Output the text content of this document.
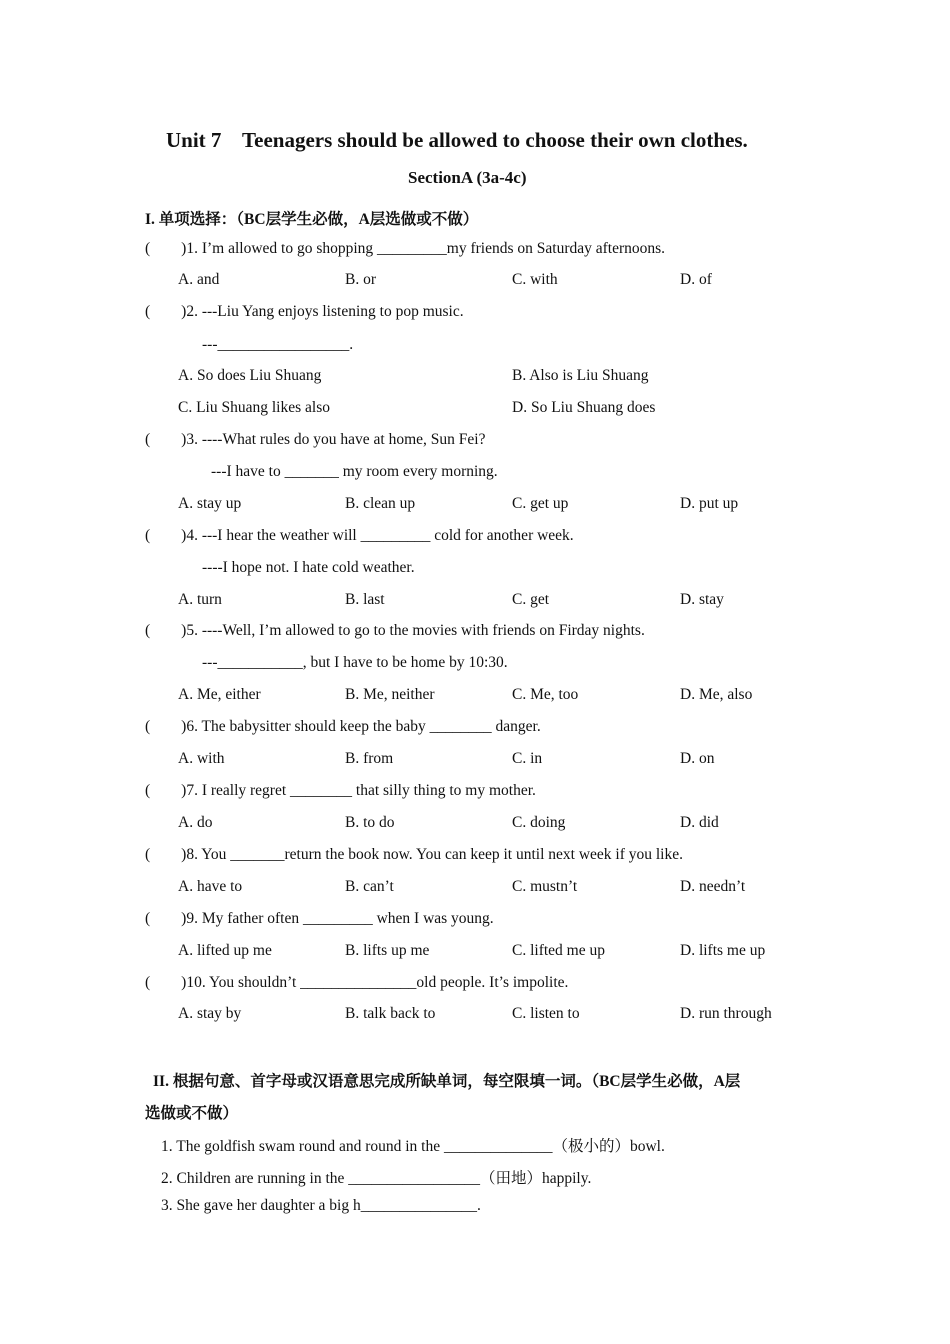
Unit 7    Teenagers should be allowed to choose their own clothes.
SectionA (3a-4c)
I. 单项选择：（BC层学生必做，A层选做或不做）
(        )1. I’m allowed to go shopping _________my friends on Saturday afternoons.
A. and	B. or	C. with	D. of
(        )2. ---Liu Yang enjoys listening to pop music.
---_________________.
A. So does Liu Shuang	B. Also is Liu Shuang
C. Liu Shuang likes also	D. So Liu Shuang does
(        )3. ----What rules do you have at home, Sun Fei?
---I have to _______ my room every morning.
A. stay up	B. clean up	C. get up	D. put up
(        )4. ---I hear the weather will _________ cold for another week.
----I hope not. I hate cold weather.
A. turn	B. last	C. get	D. stay
(        )5. ----Well, I’m allowed to go to the movies with friends on Firday nights.
---___________, but I have to be home by 10:30.
A. Me, either	B. Me, neither	C. Me, too	D. Me, also
(        )6. The babysitter should keep the baby ________ danger.
A. with	B. from	C. in	D. on
(        )7. I really regret ________ that silly thing to my mother.
A. do	B. to do	C. doing	D. did
(        )8. You _______return the book now. You can keep it until next week if you like.
A. have to	B. can’t	C. mustn’t	D. needn’t
(        )9. My father often _________ when I was young.
A. lifted up me	B. lifts up me	C. lifted me up	D. lifts me up
(        )10. You shouldn’t _______________old people. It’s impolite.
A. stay by	B. talk back to	C. listen to	D. run through
II. 根据句意、首字母或汉语意思完成所缺单词，每空限填一词。（BC层学生必做，A层
选做或不做）
1. The goldfish swam round and round in the ______________（极小的）bowl.
2. Children are running in the _________________（田地）happily.
3. She gave her daughter a big h_______________.
